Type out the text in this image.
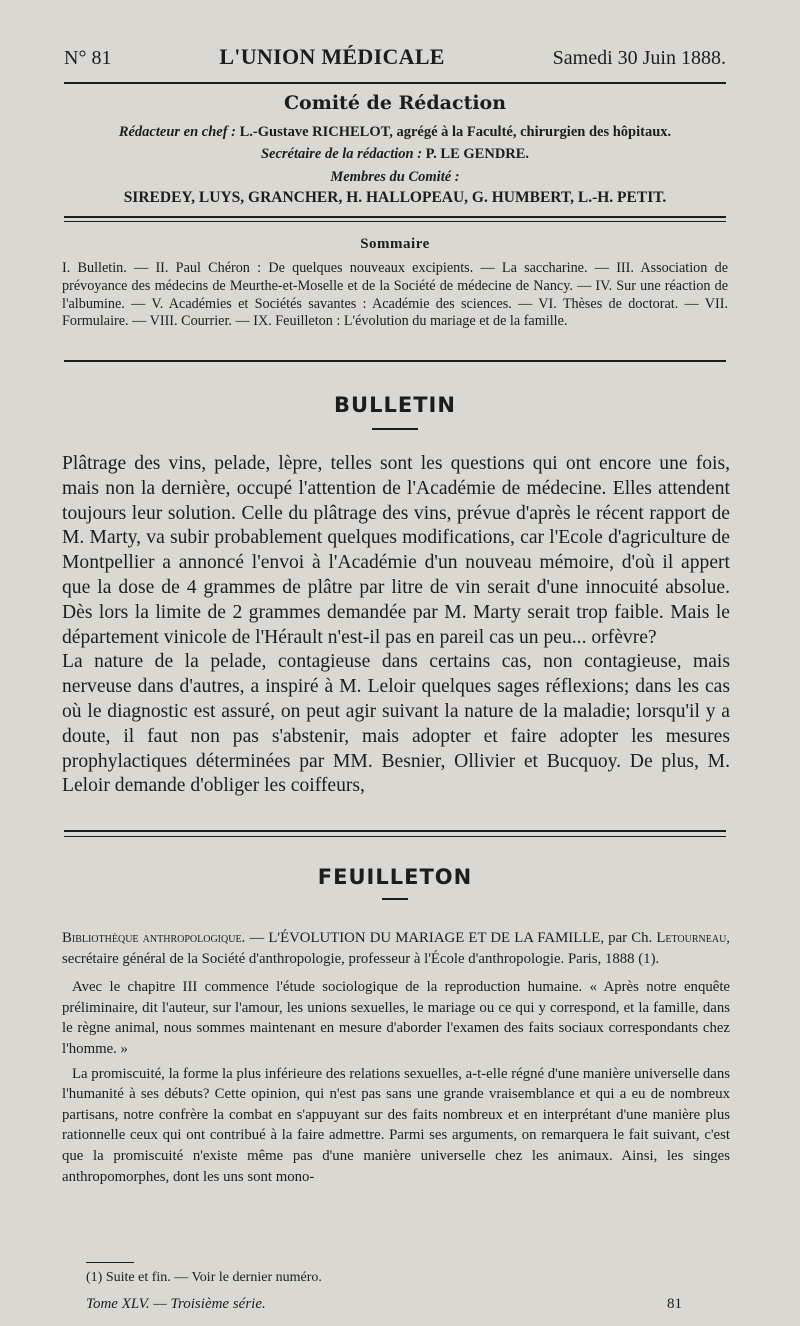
N° 81	L'UNION MÉDICALE	Samedi 30 Juin 1888.
Comité de Rédaction
Rédacteur en chef : L.-Gustave RICHELOT, agrégé à la Faculté, chirurgien des hôpitaux.
Secrétaire de la rédaction : P. LE GENDRE.
Membres du Comité :
SIREDEY, LUYS, GRANCHER, H. HALLOPEAU, G. HUMBERT, L.-H. PETIT.
Sommaire
I. Bulletin. — II. Paul Chéron : De quelques nouveaux excipients. — La saccharine. — III. Association de prévoyance des médecins de Meurthe-et-Moselle et de la Société de médecine de Nancy. — IV. Sur une réaction de l'albumine. — V. Académies et Sociétés savantes : Académie des sciences. — VI. Thèses de doctorat. — VII. Formulaire. — VIII. Courrier. — IX. Feuilleton : L'évolution du mariage et de la famille.
BULLETIN

Plâtrage des vins, pelade, lèpre, telles sont les questions qui ont encore une fois, mais non la dernière, occupé l'attention de l'Académie de médecine. Elles attendent toujours leur solution. Celle du plâtrage des vins, prévue d'après le récent rapport de M. Marty, va subir probablement quelques modifications, car l'Ecole d'agriculture de Montpellier a annoncé l'envoi à l'Académie d'un nouveau mémoire, d'où il appert que la dose de 4 grammes de plâtre par litre de vin serait d'une innocuité absolue. Dès lors la limite de 2 grammes demandée par M. Marty serait trop faible. Mais le département vinicole de l'Hérault n'est-il pas en pareil cas un peu... orfèvre?

La nature de la pelade, contagieuse dans certains cas, non contagieuse, mais nerveuse dans d'autres, a inspiré à M. Leloir quelques sages réflexions; dans les cas où le diagnostic est assuré, on peut agir suivant la nature de la maladie; lorsqu'il y a doute, il faut non pas s'abstenir, mais adopter et faire adopter les mesures prophylactiques déterminées par MM. Besnier, Ollivier et Bucquoy. De plus, M. Leloir demande d'obliger les coiffeurs,

FEUILLETON

Bibliothèque anthropologique. — L'ÉVOLUTION DU MARIAGE ET DE LA FAMILLE, par Ch. Letourneau, secrétaire général de la Société d'anthropologie, professeur à l'École d'anthropologie. Paris, 1888 (1).

Avec le chapitre III commence l'étude sociologique de la reproduction humaine. « Après notre enquête préliminaire, dit l'auteur, sur l'amour, les unions sexuelles, le mariage ou ce qui y correspond, et la famille, dans le règne animal, nous sommes maintenant en mesure d'aborder l'examen des faits sociaux correspondants chez l'homme. »

La promiscuité, la forme la plus inférieure des relations sexuelles, a-t-elle régné d'une manière universelle dans l'humanité à ses débuts? Cette opinion, qui n'est pas sans une grande vraisemblance et qui a eu de nombreux partisans, notre confrère la combat en s'appuyant sur des faits nombreux et en interprétant d'une manière plus rationnelle ceux qui ont contribué à la faire admettre. Parmi ses arguments, on remarquera le fait suivant, c'est que la promiscuité n'existe même pas d'une manière universelle chez les animaux. Ainsi, les singes anthropomorphes, dont les uns sont mono-

(1) Suite et fin. — Voir le dernier numéro.
Tome XLV. — Troisième série.	81
